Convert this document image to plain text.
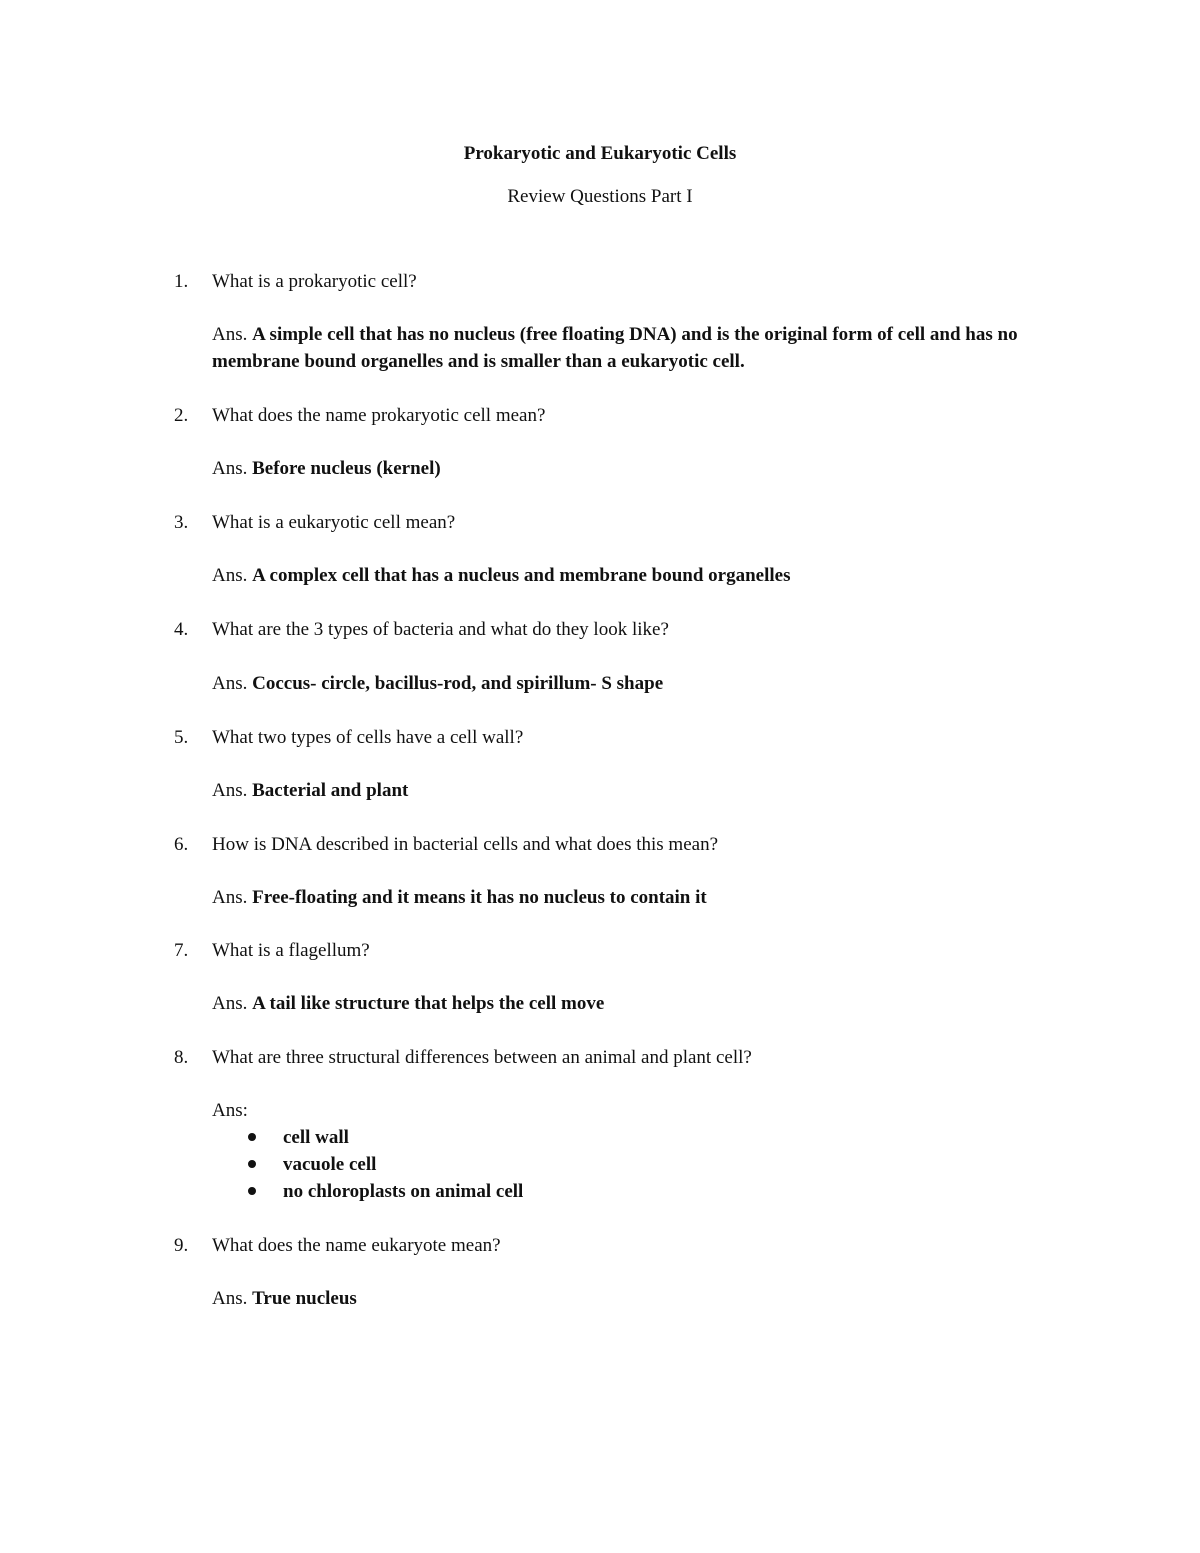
Prokaryotic and Eukaryotic Cells
Review Questions Part I
1.	What is a prokaryotic cell?
Ans. A simple cell that has no nucleus (free floating DNA) and is the original form of cell and has no membrane bound organelles and is smaller than a eukaryotic cell.
2.	What does the name prokaryotic cell mean?
Ans. Before nucleus (kernel)
3.	What is a eukaryotic cell mean?
Ans. A complex cell that has a nucleus and membrane bound organelles
4.	What are the 3 types of bacteria and what do they look like?
Ans. Coccus- circle, bacillus-rod, and spirillum- S shape
5.	What two types of cells have a cell wall?
Ans. Bacterial and plant
6.	How is DNA described in bacterial cells and what does this mean?
Ans. Free-floating and it means it has no nucleus to contain it
7.	What is a flagellum?
Ans. A tail like structure that helps the cell move
8.	What are three structural differences between an animal and plant cell?
Ans:
cell wall
vacuole cell
no chloroplasts on animal cell
9.	What does the name eukaryote mean?
Ans. True nucleus
